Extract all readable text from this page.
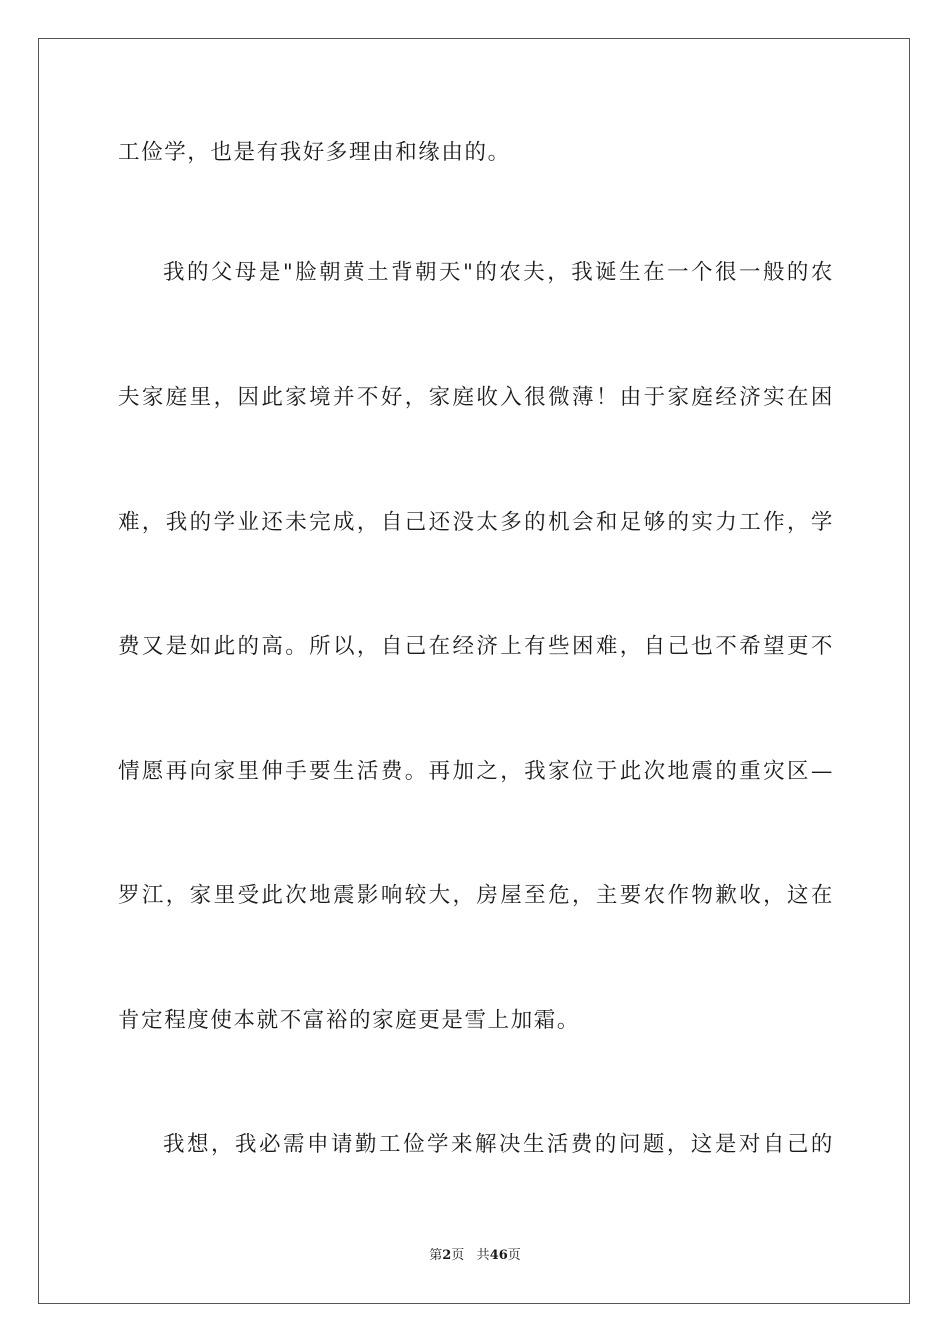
工俭学，也是有我好多理由和缘由的。
我的父母是"脸朝黄土背朝天"的农夫，我诞生在一个很一般的农
夫家庭里，因此家境并不好，家庭收入很微薄！由于家庭经济实在困
难，我的学业还未完成，自己还没太多的机会和足够的实力工作，学
费又是如此的高。所以，自己在经济上有些困难，自己也不希望更不
情愿再向家里伸手要生活费。再加之，我家位于此次地震的重灾区—
罗江，家里受此次地震影响较大，房屋至危，主要农作物歉收，这在
肯定程度使本就不富裕的家庭更是雪上加霜。
我想，我必需申请勤工俭学来解决生活费的问题，这是对自己的
第2页 共46页
